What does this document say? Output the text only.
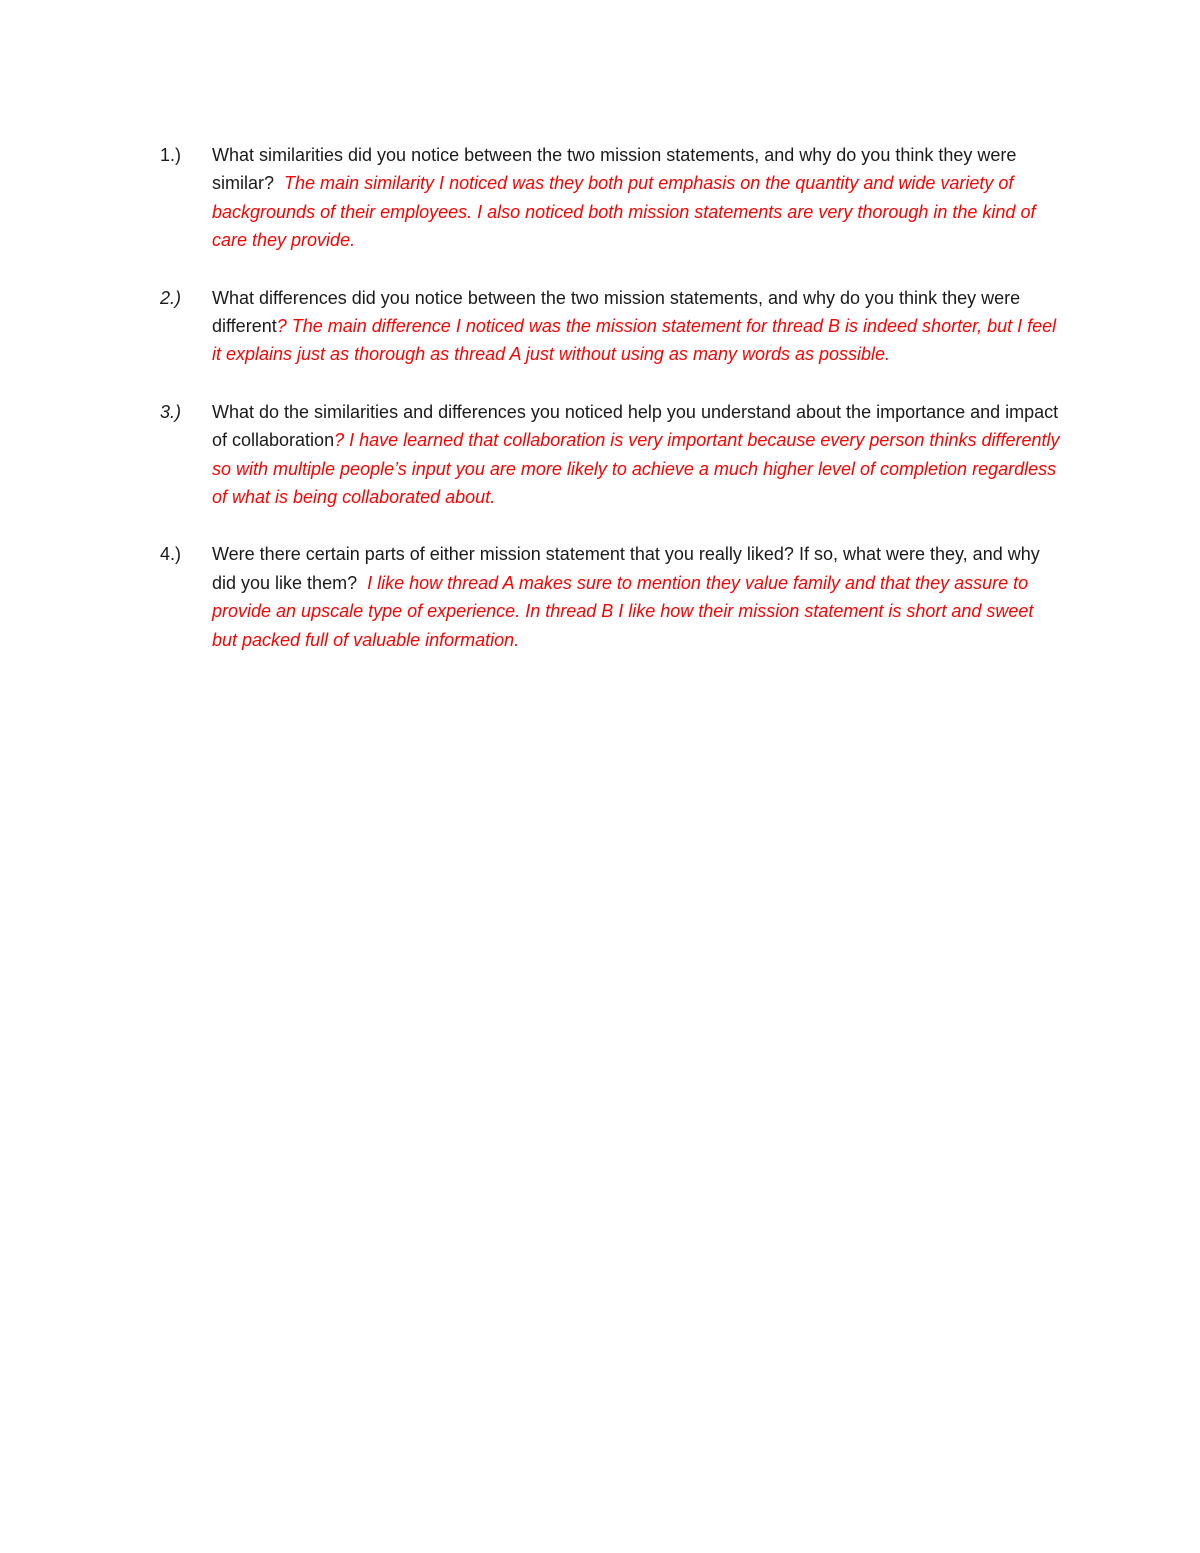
1.)	What similarities did you notice between the two mission statements, and why do you think they were similar? The main similarity I noticed was they both put emphasis on the quantity and wide variety of backgrounds of their employees. I also noticed both mission statements are very thorough in the kind of care they provide.
2.)	What differences did you notice between the two mission statements, and why do you think they were different? The main difference I noticed was the mission statement for thread B is indeed shorter, but I feel it explains just as thorough as thread A just without using as many words as possible.
3.)	What do the similarities and differences you noticed help you understand about the importance and impact of collaboration? I have learned that collaboration is very important because every person thinks differently so with multiple people’s input you are more likely to achieve a much higher level of completion regardless of what is being collaborated about.
4.)	Were there certain parts of either mission statement that you really liked? If so, what were they, and why did you like them? I like how thread A makes sure to mention they value family and that they assure to provide an upscale type of experience. In thread B I like how their mission statement is short and sweet but packed full of valuable information.
